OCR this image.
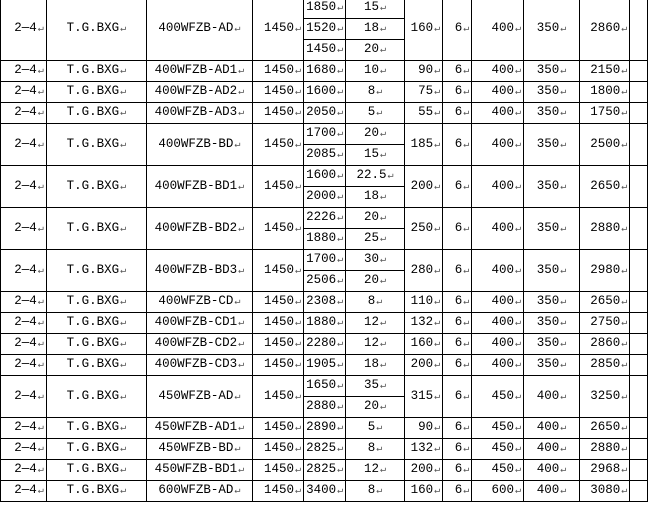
2—4 ↵	T.G.BXG ↵	400WFZB-AD ↵	1450 ↵	1850 ↵	15 ↵	160 ↵	6 ↵	400 ↵	350 ↵	2860 ↵	
				1520 ↵	18 ↵
				1450 ↵	20 ↵
2—4 ↵	T.G.BXG ↵	400WFZB-AD1 ↵	1450 ↵	1680 ↵	10 ↵	90 ↵	6 ↵	400 ↵	350 ↵	2150 ↵	
2—4 ↵	T.G.BXG ↵	400WFZB-AD2 ↵	1450 ↵	1600 ↵	8 ↵	75 ↵	6 ↵	400 ↵	350 ↵	1800 ↵	
2—4 ↵	T.G.BXG ↵	400WFZB-AD3 ↵	1450 ↵	2050 ↵	5 ↵	55 ↵	6 ↵	400 ↵	350 ↵	1750 ↵	
2—4 ↵	T.G.BXG ↵	400WFZB-BD ↵	1450 ↵	1700 ↵	20 ↵	185 ↵	6 ↵	400 ↵	350 ↵	2500 ↵	
				2085 ↵	15 ↵
2—4 ↵	T.G.BXG ↵	400WFZB-BD1 ↵	1450 ↵	1600 ↵	22.5 ↵	200 ↵	6 ↵	400 ↵	350 ↵	2650 ↵	
				2000 ↵	18 ↵
2—4 ↵	T.G.BXG ↵	400WFZB-BD2 ↵	1450 ↵	2226 ↵	20 ↵	250 ↵	6 ↵	400 ↵	350 ↵	2880 ↵	
				1880 ↵	25 ↵
2—4 ↵	T.G.BXG ↵	400WFZB-BD3 ↵	1450 ↵	1700 ↵	30 ↵	280 ↵	6 ↵	400 ↵	350 ↵	2980 ↵	
				2506 ↵	20 ↵
2—4 ↵	T.G.BXG ↵	400WFZB-CD ↵	1450 ↵	2308 ↵	8 ↵	110 ↵	6 ↵	400 ↵	350 ↵	2650 ↵	
2—4 ↵	T.G.BXG ↵	400WFZB-CD1 ↵	1450 ↵	1880 ↵	12 ↵	132 ↵	6 ↵	400 ↵	350 ↵	2750 ↵	
2—4 ↵	T.G.BXG ↵	400WFZB-CD2 ↵	1450 ↵	2280 ↵	12 ↵	160 ↵	6 ↵	400 ↵	350 ↵	2860 ↵	
2—4 ↵	T.G.BXG ↵	400WFZB-CD3 ↵	1450 ↵	1905 ↵	18 ↵	200 ↵	6 ↵	400 ↵	350 ↵	2850 ↵	
2—4 ↵	T.G.BXG ↵	450WFZB-AD ↵	1450 ↵	1650 ↵	35 ↵	315 ↵	6 ↵	450 ↵	400 ↵	3250 ↵	
				2880 ↵	20 ↵
2—4 ↵	T.G.BXG ↵	450WFZB-AD1 ↵	1450 ↵	2890 ↵	5 ↵	90 ↵	6 ↵	450 ↵	400 ↵	2650 ↵	
2—4 ↵	T.G.BXG ↵	450WFZB-BD ↵	1450 ↵	2825 ↵	8 ↵	132 ↵	6 ↵	450 ↵	400 ↵	2880 ↵	
2—4 ↵	T.G.BXG ↵	450WFZB-BD1 ↵	1450 ↵	2825 ↵	12 ↵	200 ↵	6 ↵	450 ↵	400 ↵	2968 ↵	
2—4 ↵	T.G.BXG ↵	600WFZB-AD ↵	1450 ↵	3400 ↵	8 ↵	160 ↵	6 ↵	600 ↵	400 ↵	3080 ↵	
